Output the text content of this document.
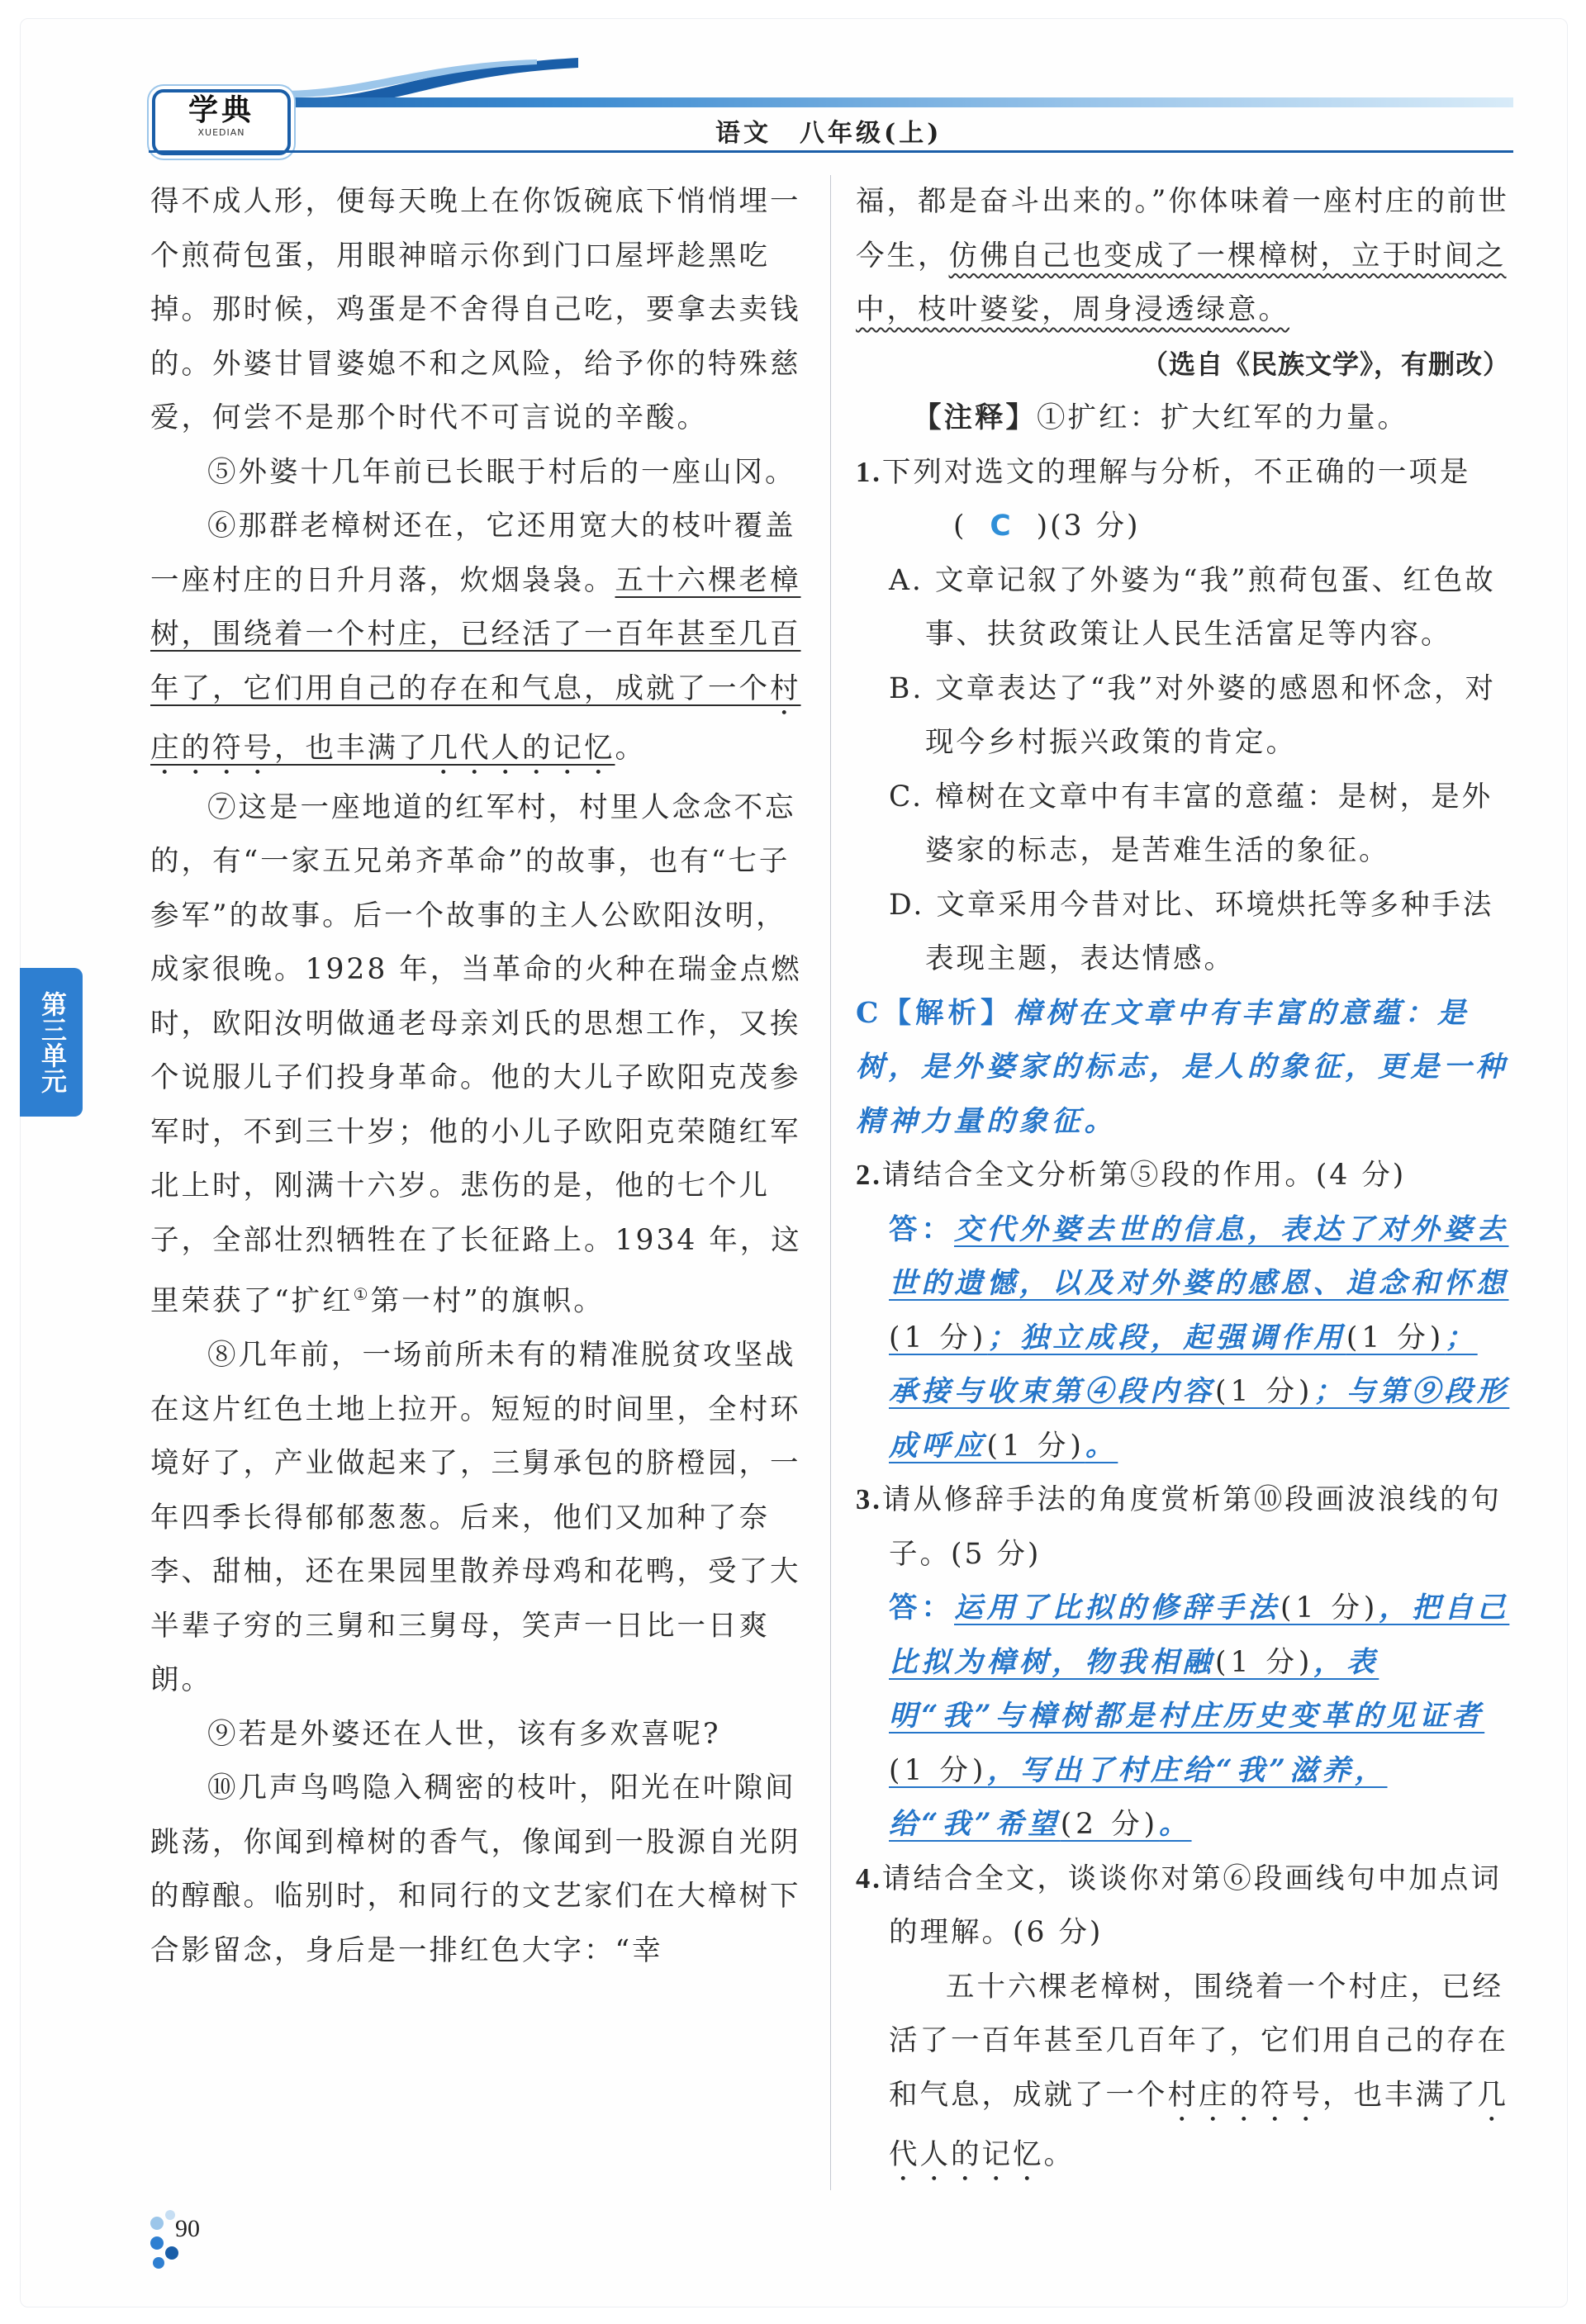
学典
XUEDIAN	语文　八年级(上)
第三单元

得不成人形，便每天晚上在你饭碗底下悄悄埋一个煎荷包蛋，用眼神暗示你到门口屋坪趁黑吃掉。那时候，鸡蛋是不舍得自己吃，要拿去卖钱的。外婆甘冒婆媳不和之风险，给予你的特殊慈爱，何尝不是那个时代不可言说的辛酸。

⑤外婆十几年前已长眠于村后的一座山冈。

⑥那群老樟树还在，它还用宽大的枝叶覆盖一座村庄的日升月落，炊烟袅袅。五十六棵老樟树，围绕着一个村庄，已经活了一百年甚至几百年了，它们用自己的存在和气息，成就了一个村庄的符号，也丰满了几代人的记忆。

⑦这是一座地道的红军村，村里人念念不忘的，有“一家五兄弟齐革命”的故事，也有“七子参军”的故事。后一个故事的主人公欧阳汝明，成家很晚。1928 年，当革命的火种在瑞金点燃时，欧阳汝明做通老母亲刘氏的思想工作，又挨个说服儿子们投身革命。他的大儿子欧阳克茂参军时，不到三十岁；他的小儿子欧阳克荣随红军北上时，刚满十六岁。悲伤的是，他的七个儿子，全部壮烈牺牲在了长征路上。1934 年，这里荣获了“扩红①第一村”的旗帜。

⑧几年前，一场前所未有的精准脱贫攻坚战在这片红色土地上拉开。短短的时间里，全村环境好了，产业做起来了，三舅承包的脐橙园，一年四季长得郁郁葱葱。后来，他们又加种了奈李、甜柚，还在果园里散养母鸡和花鸭，受了大半辈子穷的三舅和三舅母，笑声一日比一日爽朗。

⑨若是外婆还在人世，该有多欢喜呢?

⑩几声鸟鸣隐入稠密的枝叶，阳光在叶隙间跳荡，你闻到樟树的香气，像闻到一股源自光阴的醇酿。临别时，和同行的文艺家们在大樟树下合影留念，身后是一排红色大字：“幸

福，都是奋斗出来的。”你体味着一座村庄的前世今生，仿佛自己也变成了一棵樟树，立于时间之中，枝叶婆娑，周身浸透绿意。

（选自《民族文学》，有删改）

【注释】①扩红：扩大红军的力量。

1.下列对选文的理解与分析，不正确的一项是( C )(3 分)

A. 文章记叙了外婆为“我”煎荷包蛋、红色故事、扶贫政策让人民生活富足等内容。

B. 文章表达了“我”对外婆的感恩和怀念，对现今乡村振兴政策的肯定。

C. 樟树在文章中有丰富的意蕴：是树，是外婆家的标志，是苦难生活的象征。

D. 文章采用今昔对比、环境烘托等多种手法表现主题，表达情感。

C【解析】樟树在文章中有丰富的意蕴：是树，是外婆家的标志，是人的象征，更是一种精神力量的象征。

2.请结合全文分析第⑤段的作用。(4 分)

答：交代外婆去世的信息，表达了对外婆去世的遗憾，以及对外婆的感恩、追念和怀想(1 分)；独立成段，起强调作用(1 分)；承接与收束第④段内容(1 分)；与第⑨段形成呼应(1 分)。

3.请从修辞手法的角度赏析第⑩段画波浪线的句子。(5 分)

答：运用了比拟的修辞手法(1 分)，把自己比拟为樟树，物我相融(1 分)，表明“我”与樟树都是村庄历史变革的见证者(1 分)，写出了村庄给“我”滋养，给“我”希望(2 分)。

4.请结合全文，谈谈你对第⑥段画线句中加点词的理解。(6 分)

五十六棵老樟树，围绕着一个村庄，已经活了一百年甚至几百年了，它们用自己的存在和气息，成就了一个村庄的符号，也丰满了几代人的记忆。

90
